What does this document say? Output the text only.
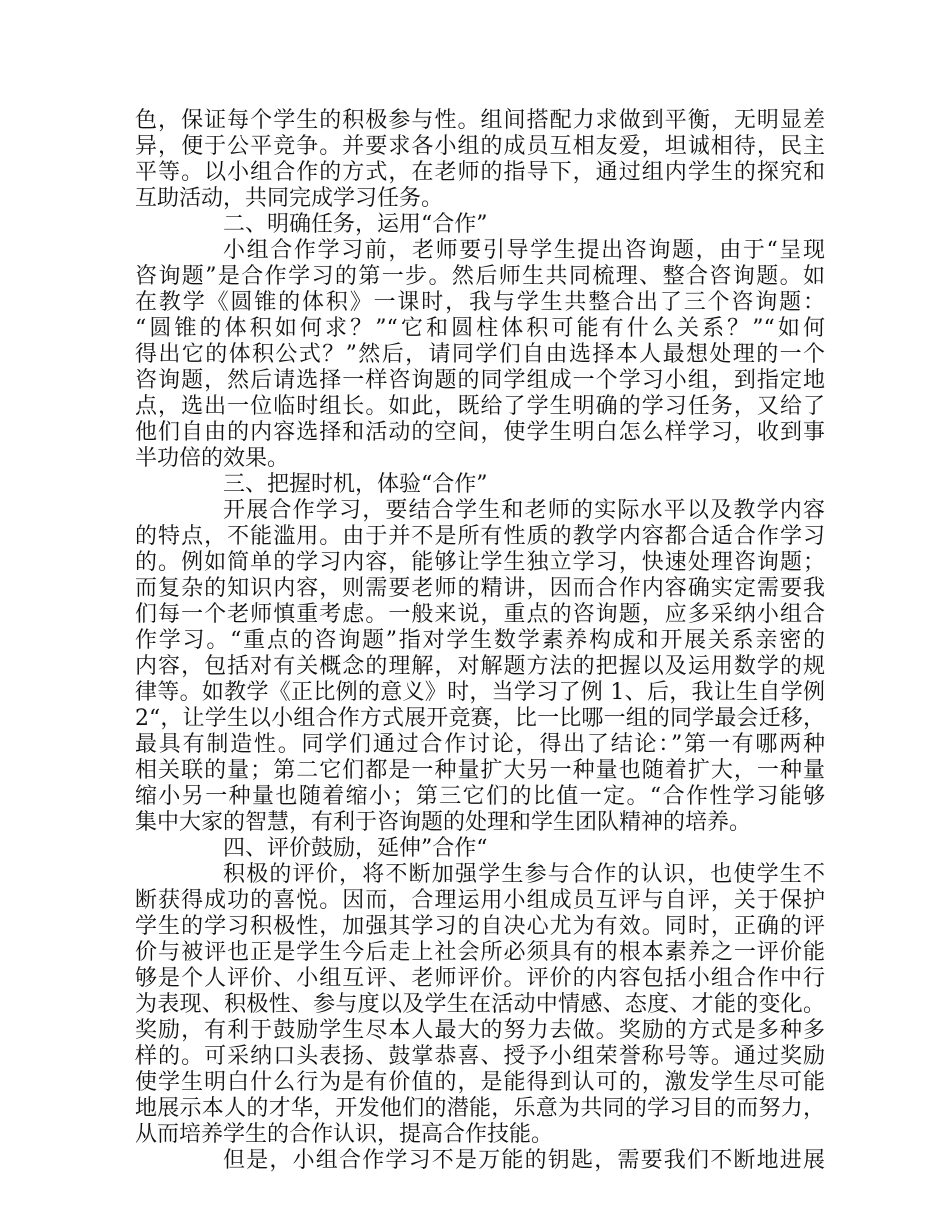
色，保证每个学生的积极参与性。组间搭配力求做到平衡，无明显差
异，便于公平竞争。并要求各小组的成员互相友爱，坦诚相待，民主
平等。以小组合作的方式，在老师的指导下，通过组内学生的探究和
互助活动，共同完成学习任务。
二、明确任务，运用“合作”
小组合作学习前，老师要引导学生提出咨询题，由于“呈现
咨询题”是合作学习的第一步。然后师生共同梳理、整合咨询题。如
在教学《圆锥的体积》一课时，我与学生共整合出了三个咨询题：
“圆锥的体积如何求？”“它和圆柱体积可能有什么关系？”“如何
得出它的体积公式？”然后，请同学们自由选择本人最想处理的一个
咨询题，然后请选择一样咨询题的同学组成一个学习小组，到指定地
点，选出一位临时组长。如此，既给了学生明确的学习任务，又给了
他们自由的内容选择和活动的空间，使学生明白怎么样学习，收到事
半功倍的效果。
三、把握时机，体验“合作”
开展合作学习，要结合学生和老师的实际水平以及教学内容
的特点，不能滥用。由于并不是所有性质的教学内容都合适合作学习
的。例如简单的学习内容，能够让学生独立学习，快速处理咨询题；
而复杂的知识内容，则需要老师的精讲，因而合作内容确实定需要我
们每一个老师慎重考虑。一般来说，重点的咨询题，应多采纳小组合
作学习。“重点的咨询题”指对学生数学素养构成和开展关系亲密的
内容，包括对有关概念的理解，对解题方法的把握以及运用数学的规
律等。如教学《正比例的意义》时，当学习了例 1、后，我让生自学例
2“，让学生以小组合作方式展开竞赛，比一比哪一组的同学最会迁移，
最具有制造性。同学们通过合作讨论，得出了结论：”第一有哪两种
相关联的量；第二它们都是一种量扩大另一种量也随着扩大，一种量
缩小另一种量也随着缩小；第三它们的比值一定。“合作性学习能够
集中大家的智慧，有利于咨询题的处理和学生团队精神的培养。
四、评价鼓励，延伸”合作“
积极的评价，将不断加强学生参与合作的认识，也使学生不
断获得成功的喜悦。因而，合理运用小组成员互评与自评，关于保护
学生的学习积极性，加强其学习的自决心尤为有效。同时，正确的评
价与被评也正是学生今后走上社会所必须具有的根本素养之一评价能
够是个人评价、小组互评、老师评价。评价的内容包括小组合作中行
为表现、积极性、参与度以及学生在活动中情感、态度、才能的变化。
奖励，有利于鼓励学生尽本人最大的努力去做。奖励的方式是多种多
样的。可采纳口头表扬、鼓掌恭喜、授予小组荣誉称号等。通过奖励
使学生明白什么行为是有价值的，是能得到认可的，激发学生尽可能
地展示本人的才华，开发他们的潜能，乐意为共同的学习目的而努力，
从而培养学生的合作认识，提高合作技能。
但是，小组合作学习不是万能的钥匙，需要我们不断地进展
